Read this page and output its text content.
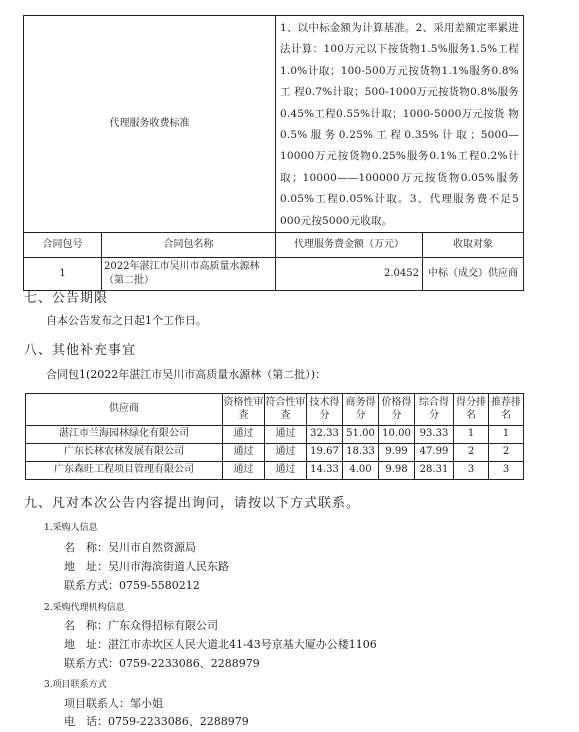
代理服务收费标准		1、以中标金额为计算基准。2、采用差额定率累进法计算：100万元以下按货物1.5%服务1.5%工程1.0%计取；100-500万元按货物1.1%服务0.8%工 程0.7%计取；500-1000万元按货物0.8%服务0.45%工程0.55%计取；1000-5000万元按货 物0.5%服务0.25%工程0.35%计取；5000—10000万元按货物0.25%服务0.1%工程0.2%计 取；10000——100000万元按货物0.05%服务0.05%工程0.05%计取。3、代理服务费不足5 000元按5000元收取。	
合同包号	合同包名称	代理服务费金额（万元）	收取对象
1	2022年湛江市吴川市高质量水源林（第二批）	2.0452	中标（成交）供应商
七、公告期限
自本公告发布之日起1个工作日。
八、其他补充事宜
合同包1(2022年湛江市吴川市高质量水源林（第二批）)：
供应商	资格性审查	符合性审查	技术得分	商务得分	价格得分	综合得分	得分排名	推荐排名
湛江市兰海园林绿化有限公司	通过	通过	32.33	51.00	10.00	93.33	1	1
广东长林农林发展有限公司	通过	通过	19.67	18.33	9.99	47.99	2	2
广东森旺工程项目管理有限公司	通过	通过	14.33	4.00	9.98	28.31	3	3
九、凡对本次公告内容提出询问，请按以下方式联系。
1.采购人信息
名　称：吴川市自然资源局
地　址：吴川市海滨街道人民东路
联系方式：0759-5580212
2.采购代理机构信息
名　称：广东众得招标有限公司
地　址：湛江市赤坎区人民大道北41-43号京基大厦办公楼1106
联系方式：0759-2233086、2288979
3.项目联系方式
项目联系人：邹小姐
电　话：0759-2233086、2288979
